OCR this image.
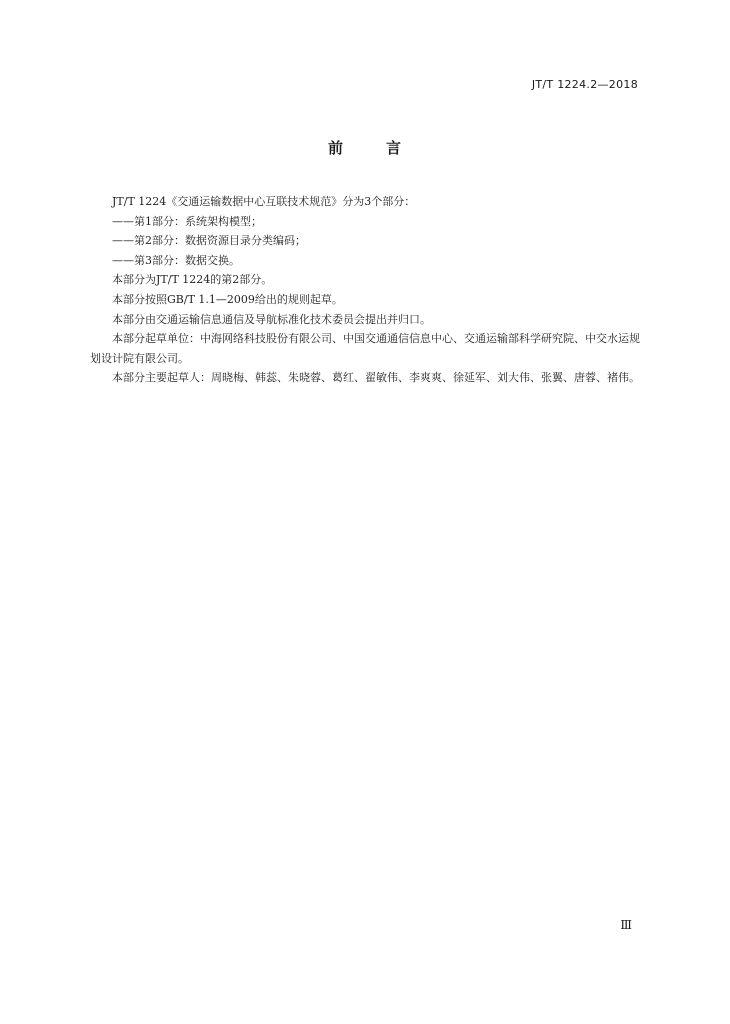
JT/T 1224.2—2018
前	言

JT/T 1224《交通运输数据中心互联技术规范》分为3个部分：

——第1部分：系统架构模型；

——第2部分：数据资源目录分类编码；

——第3部分：数据交换。

本部分为JT/T 1224的第2部分。

本部分按照GB/T 1.1—2009给出的规则起草。

本部分由交通运输信息通信及导航标准化技术委员会提出并归口。

本部分起草单位：中海网络科技股份有限公司、中国交通通信信息中心、交通运输部科学研究院、中交水运规划设计院有限公司。

本部分主要起草人：周晓梅、韩蕊、朱晓蓉、葛红、翟敏伟、李爽爽、徐延军、刘大伟、张翼、唐蓉、褚伟。

Ⅲ
